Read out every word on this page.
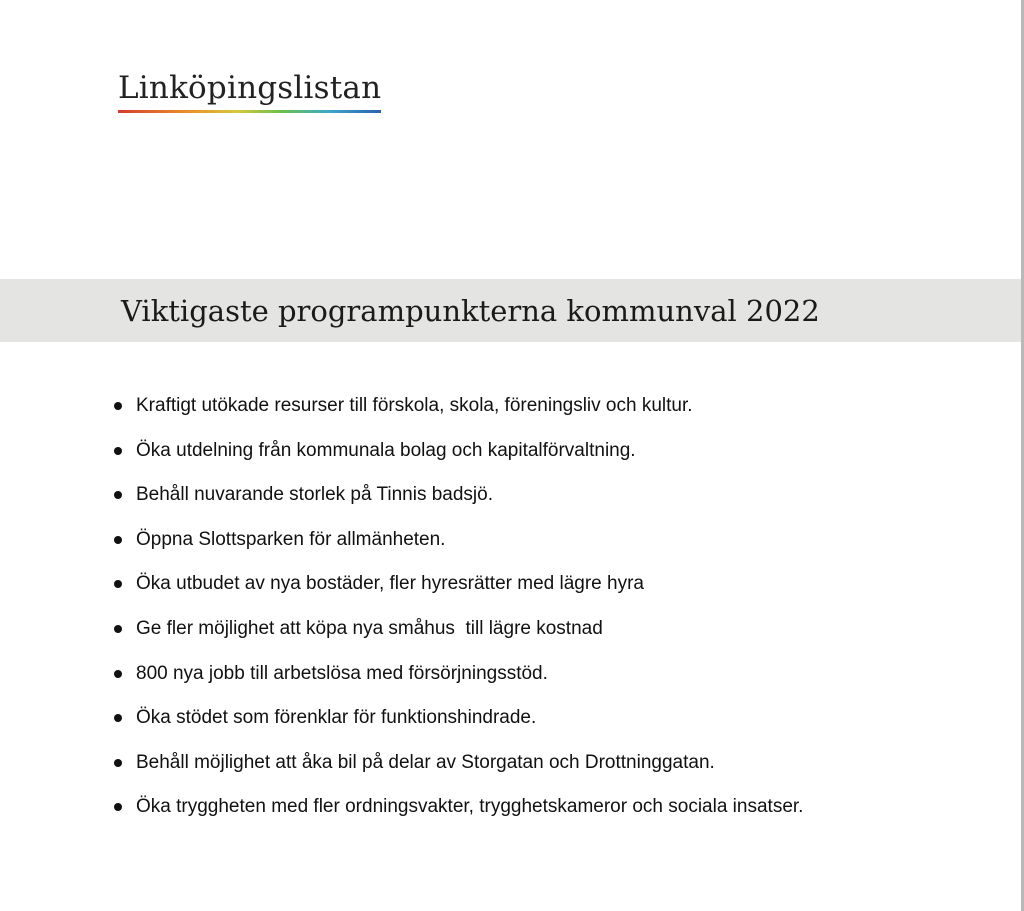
Linköpingslistan
Viktigaste programpunkterna kommunval 2022
Kraftigt utökade resurser till förskola, skola, föreningsliv och kultur.
Öka utdelning från kommunala bolag och kapitalförvaltning.
Behåll nuvarande storlek på Tinnis badsjö.
Öppna Slottsparken för allmänheten.
Öka utbudet av nya bostäder, fler hyresrätter med lägre hyra
Ge fler möjlighet att köpa nya småhus  till lägre kostnad
800 nya jobb till arbetslösa med försörjningsstöd.
Öka stödet som förenklar för funktionshindrade.
Behåll möjlighet att åka bil på delar av Storgatan och Drottninggatan.
Öka tryggheten med fler ordningsvakter, trygghetskameror och sociala insatser.
